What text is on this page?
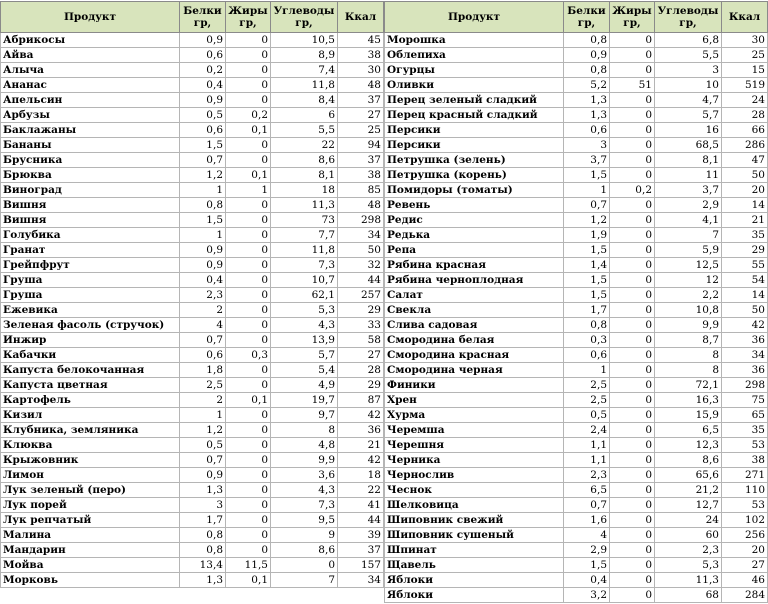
Продукт	Белки гр,	Жиры гр,	Углеводы гр,	Ккал
Абрикосы	0,9	0	10,5	45
Айва	0,6	0	8,9	38
Алыча	0,2	0	7,4	30
Ананас	0,4	0	11,8	48
Апельсин	0,9	0	8,4	37
Арбузы	0,5	0,2	6	27
Баклажаны	0,6	0,1	5,5	25
Бананы	1,5	0	22	94
Брусника	0,7	0	8,6	37
Брюква	1,2	0,1	8,1	38
Виноград	1	1	18	85
Вишня	0,8	0	11,3	48
Вишня	1,5	0	73	298
Голубика	1	0	7,7	34
Гранат	0,9	0	11,8	50
Грейпфрут	0,9	0	7,3	32
Груша	0,4	0	10,7	44
Груша	2,3	0	62,1	257
Ежевика	2	0	5,3	29
Зеленая фасоль (стручок)	4	0	4,3	33
Инжир	0,7	0	13,9	58
Кабачки	0,6	0,3	5,7	27
Капуста белокочанная	1,8	0	5,4	28
Капуста цветная	2,5	0	4,9	29
Картофель	2	0,1	19,7	87
Кизил	1	0	9,7	42
Клубника, земляника	1,2	0	8	36
Клюква	0,5	0	4,8	21
Крыжовник	0,7	0	9,9	42
Лимон	0,9	0	3,6	18
Лук зеленый (перо)	1,3	0	4,3	22
Лук порей	3	0	7,3	41
Лук репчатый	1,7	0	9,5	44
Малина	0,8	0	9	39
Мандарин	0,8	0	8,6	37
Мойва	13,4	11,5	0	157
Морковь	1,3	0,1	7	34
Продукт	Белки гр,	Жиры гр,	Углеводы гр,	Ккал
Морошка	0,8	0	6,8	30
Облепиха	0,9	0	5,5	25
Огурцы	0,8	0	3	15
Оливки	5,2	51	10	519
Перец зеленый сладкий	1,3	0	4,7	24
Перец красный сладкий	1,3	0	5,7	28
Персики	0,6	0	16	66
Персики	3	0	68,5	286
Петрушка (зелень)	3,7	0	8,1	47
Петрушка (корень)	1,5	0	11	50
Помидоры (томаты)	1	0,2	3,7	20
Ревень	0,7	0	2,9	14
Редис	1,2	0	4,1	21
Редька	1,9	0	7	35
Репа	1,5	0	5,9	29
Рябина красная	1,4	0	12,5	55
Рябина черноплодная	1,5	0	12	54
Салат	1,5	0	2,2	14
Свекла	1,7	0	10,8	50
Слива садовая	0,8	0	9,9	42
Смородина белая	0,3	0	8,7	36
Смородина красная	0,6	0	8	34
Смородина черная	1	0	8	36
Финики	2,5	0	72,1	298
Хрен	2,5	0	16,3	75
Хурма	0,5	0	15,9	65
Черемша	2,4	0	6,5	35
Черешня	1,1	0	12,3	53
Черника	1,1	0	8,6	38
Чернослив	2,3	0	65,6	271
Чеснок	6,5	0	21,2	110
Шелковица	0,7	0	12,7	53
Шиповник свежий	1,6	0	24	102
Шиповник сушеный	4	0	60	256
Шпинат	2,9	0	2,3	20
Щавель	1,5	0	5,3	27
Яблоки	0,4	0	11,3	46
Яблоки	3,2	0	68	284
